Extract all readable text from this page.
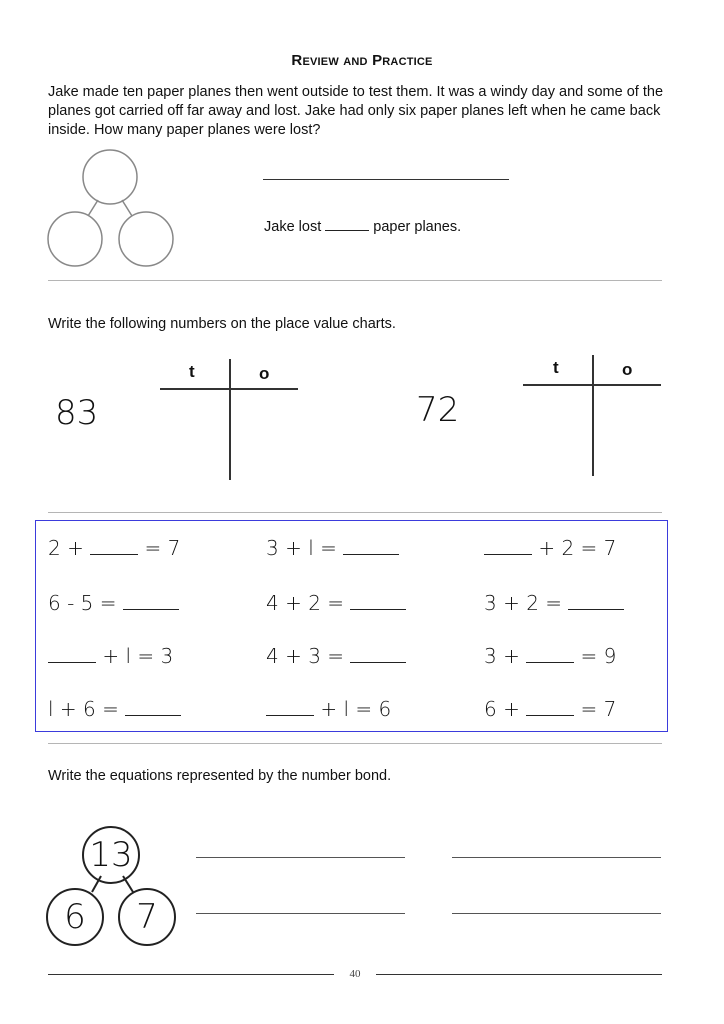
Review and Practice
Jake made ten paper planes then went outside to test them. It was a windy day and some of the planes got carried off far away and lost. Jake had only six paper planes left when he came back inside. How many paper planes were lost?
Jake lost	paper planes.
Write the following numbers on the place value charts.
83
t	o
72
t	o
2 +  = 7	3 + l =	+ 2 = 7
6 - 5 =	4 + 2 =	3 + 2 =
+ l = 3	4 + 3 =	3 +  = 9
l + 6 =	+ l = 6	6 +  = 7
Write the equations represented by the number bond.
13
6 7
40
